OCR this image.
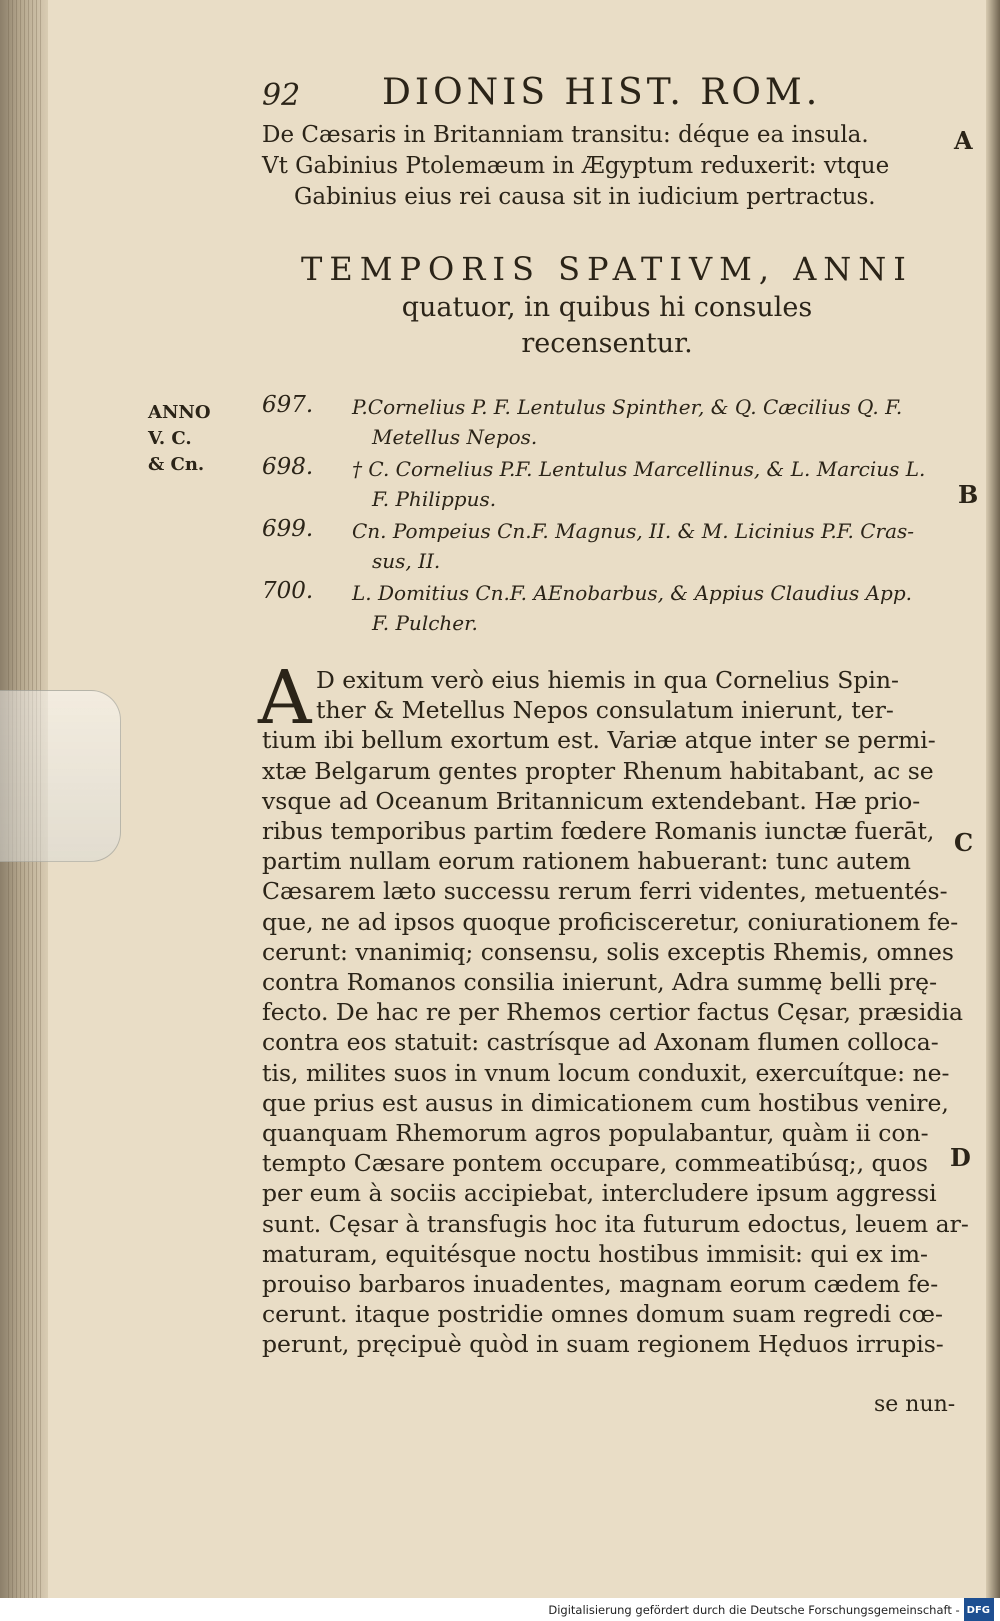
92 DIONIS HIST. ROM.
De Cæsaris in Britanniam transitu: déque ea insula.
Vt Gabinius Ptolemæum in Ægyptum reduxerit: vtque
Gabinius eius rei causa sit in iudicium pertractus.
A
B
C
D
TEMPORIS SPATIVM, ANNI
quatuor, in quibus hi consules
recensentur.
ANNO
V. C.
& Cn.
697. P.Cornelius P. F. Lentulus Spinther, & Q. Cæcilius Q. F.
Metellus Nepos.
698. † C. Cornelius P.F. Lentulus Marcellinus, & L. Marcius L.
F. Philippus.
699. Cn. Pompeius Cn.F. Magnus, II. & M. Licinius P.F. Cras-
sus, II.
700. L. Domitius Cn.F. AEnobarbus, & Appius Claudius App.
F. Pulcher.
A D exitum verò eius hiemis in qua Cornelius Spin-
ther & Metellus Nepos consulatum inierunt, ter-
tium ibi bellum exortum est. Variæ atque inter se permi-
xtæ Belgarum gentes propter Rhenum habitabant, ac se
vsque ad Oceanum Britannicum extendebant. Hæ prio-
ribus temporibus partim fœdere Romanis iunctæ fuerāt,
partim nullam eorum rationem habuerant: tunc autem
Cæsarem læto successu rerum ferri videntes, metuentés-
que, ne ad ipsos quoque proficisceretur, coniurationem fe-
cerunt: vnanimiq; consensu, solis exceptis Rhemis, omnes
contra Romanos consilia inierunt, Adra summę belli prę-
fecto. De hac re per Rhemos certior factus Cęsar, præsidia
contra eos statuit: castrísque ad Axonam flumen colloca-
tis, milites suos in vnum locum conduxit, exercuítque: ne-
que prius est ausus in dimicationem cum hostibus venire,
quanquam Rhemorum agros populabantur, quàm ii con-
tempto Cæsare pontem occupare, commeatibúsq;, quos
per eum à sociis accipiebat, intercludere ipsum aggressi
sunt. Cęsar à transfugis hoc ita futurum edoctus, leuem ar-
maturam, equitésque noctu hostibus immisit: qui ex im-
prouiso barbaros inuadentes, magnam eorum cædem fe-
cerunt. itaque postridie omnes domum suam regredi cœ-
perunt, pręcipuè quòd in suam regionem Hęduos irrupis-
se nun-
Digitalisierung gefördert durch die Deutsche Forschungsgemeinschaft - DFG
